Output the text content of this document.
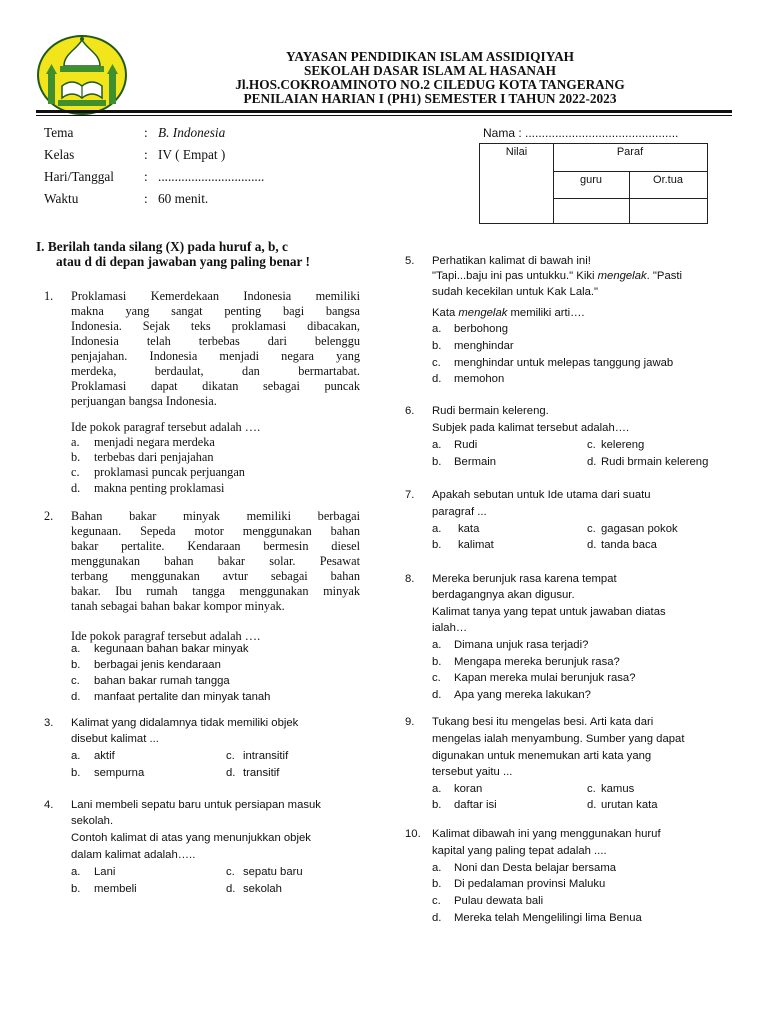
YAYASAN PENDIDIKAN ISLAM ASSIDIQIYAH
SEKOLAH DASAR ISLAM AL HASANAH
Jl.HOS.COKROAMINOTO NO.2 CILEDUG KOTA TANGERANG
PENILAIAN HARIAN I (PH1) SEMESTER I TAHUN 2022-2023
Tema	: B. Indonesia
Kelas	: IV ( Empat )
Hari/Tanggal	: ................................
Waktu	: 60 menit.
Nama : ..............................................
Nilai	Paraf
guru	Or.tua
I. Berilah tanda silang (X) pada huruf a, b, c
atau d di depan jawaban yang paling benar !
1. Proklamasi Kemerdekaan Indonesia memiliki
makna yang sangat penting bagi bangsa
Indonesia. Sejak teks proklamasi dibacakan,
Indonesia telah terbebas dari belenggu
penjajahan. Indonesia menjadi negara yang
merdeka, berdaulat, dan bermartabat.
Proklamasi dapat dikatan sebagai puncak
perjuangan bangsa Indonesia.
Ide pokok paragraf tersebut adalah ….
a. menjadi negara merdeka
b. terbebas dari penjajahan
c. proklamasi puncak perjuangan
d. makna penting proklamasi
2. Bahan bakar minyak memiliki berbagai
kegunaan. Sepeda motor menggunakan bahan
bakar pertalite. Kendaraan bermesin diesel
menggunakan bahan bakar solar. Pesawat
terbang menggunakan avtur sebagai bahan
bakar. Ibu rumah tangga menggunakan minyak
tanah sebagai bahan bakar kompor minyak.
Ide pokok paragraf tersebut adalah ….
a. kegunaan bahan bakar minyak
b. berbagai jenis kendaraan
c. bahan bakar rumah tangga
d. manfaat pertalite dan minyak tanah
3. Kalimat yang didalamnya tidak memiliki objek
disebut kalimat ...
a. aktif	c. intransitif
b. sempurna	d. transitif
4. Lani membeli sepatu baru untuk persiapan masuk
sekolah.
Contoh kalimat di atas yang menunjukkan objek
dalam kalimat adalah…..
a. Lani	c. sepatu baru
b. membeli	d. sekolah
5. Perhatikan kalimat di bawah ini!
"Tapi...baju ini pas untukku." Kiki mengelak. "Pasti
sudah kecekilan untuk Kak Lala."
Kata mengelak memiliki arti….
a. berbohong
b. menghindar
c. menghindar untuk melepas tanggung jawab
d. memohon
6. Rudi bermain kelereng.
Subjek pada kalimat tersebut adalah….
a. Rudi	c. kelereng
b. Bermain	d. Rudi brmain kelereng
7. Apakah sebutan untuk Ide utama dari suatu
paragraf ...
a. kata	c. gagasan pokok
b. kalimat	d. tanda baca
8. Mereka berunjuk rasa karena tempat
berdagangnya akan digusur.
Kalimat tanya yang tepat untuk jawaban diatas
ialah…
a. Dimana unjuk rasa terjadi?
b. Mengapa mereka berunjuk rasa?
c. Kapan mereka mulai berunjuk rasa?
d. Apa yang mereka lakukan?
9. Tukang besi itu mengelas besi. Arti kata dari
mengelas ialah menyambung. Sumber yang dapat
digunakan untuk menemukan arti kata yang
tersebut yaitu ...
a. koran	c. kamus
b. daftar isi	d. urutan kata
10. Kalimat dibawah ini yang menggunakan huruf
kapital yang paling tepat adalah ....
a. Noni dan Desta belajar bersama
b. Di pedalaman provinsi Maluku
c. Pulau dewata bali
d. Mereka telah Mengelilingi lima Benua
